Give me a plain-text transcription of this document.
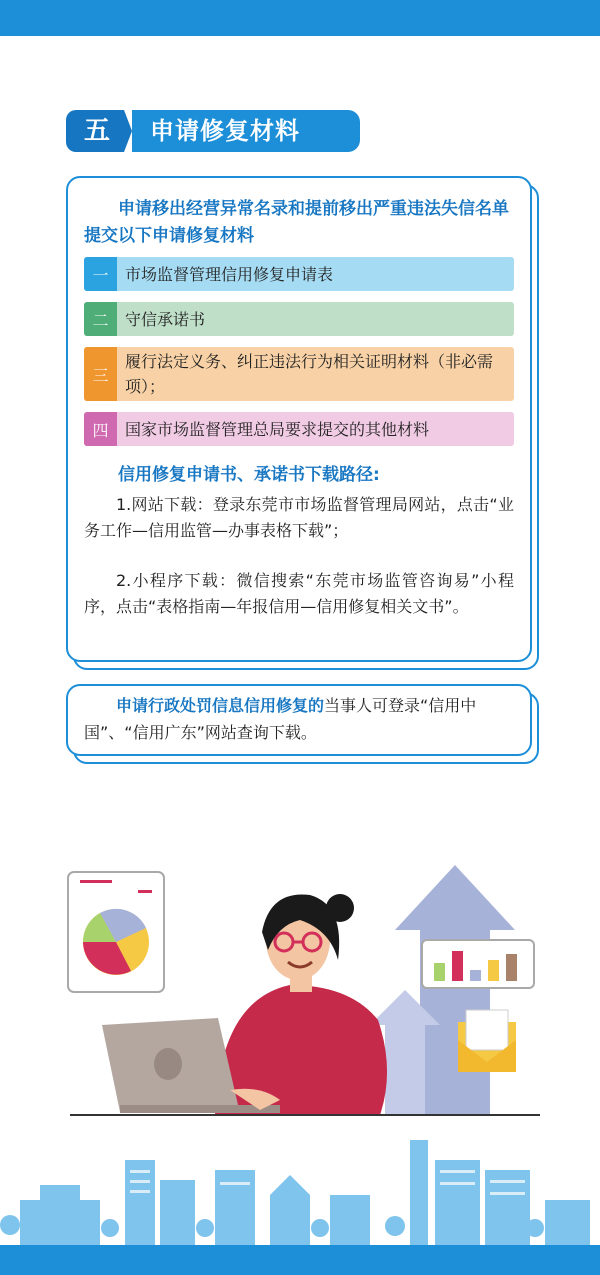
五	申请修复材料
申请移出经营异常名录和提前移出严重违法失信名单提交以下申请修复材料
一	市场监督管理信用修复申请表
二	守信承诺书
三
履行法定义务、纠正违法行为相关证明材料（非必需项）；
四	国家市场监督管理总局要求提交的其他材料
信用修复申请书、承诺书下载路径:
1.网站下载：登录东莞市市场监督管理局网站，点击“业务工作—信用监管—办事表格下载”；
2.小程序下载：微信搜索“东莞市场监管咨询易”小程序，点击“表格指南—年报信用—信用修复相关文书”。
申请行政处罚信息信用修复的当事人可登录“信用中国”、“信用广东”网站查询下载。
